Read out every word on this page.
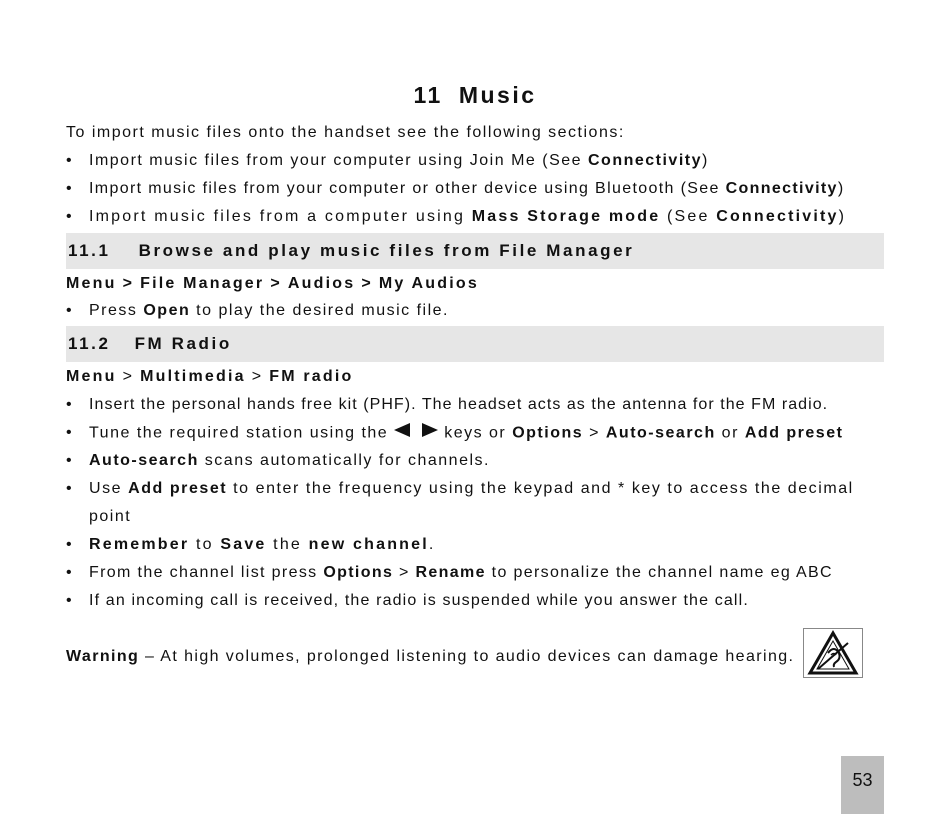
11 Music
To import music files onto the handset see the following sections:
• Import music files from your computer using Join Me (See Connectivity)
• Import music files from your computer or other device using Bluetooth (See Connectivity)
• Import music files from a computer using Mass Storage mode (See Connectivity)
11.1 Browse and play music files from File Manager
Menu > File Manager > Audios > My Audios
• Press Open to play the desired music file.
11.2 FM Radio
Menu > Multimedia > FM radio
• Insert the personal hands free kit (PHF). The headset acts as the antenna for the FM radio.
• Tune the required station using the	keys or Options > Auto-search or Add preset
• Auto-search scans automatically for channels.
• Use Add preset to enter the frequency using the keypad and * key to access the decimal
point
• Remember to Save the new channel.
• From the channel list press Options > Rename to personalize the channel name eg ABC
• If an incoming call is received, the radio is suspended while you answer the call.
Warning – At high volumes, prolonged listening to audio devices can damage hearing.
53
